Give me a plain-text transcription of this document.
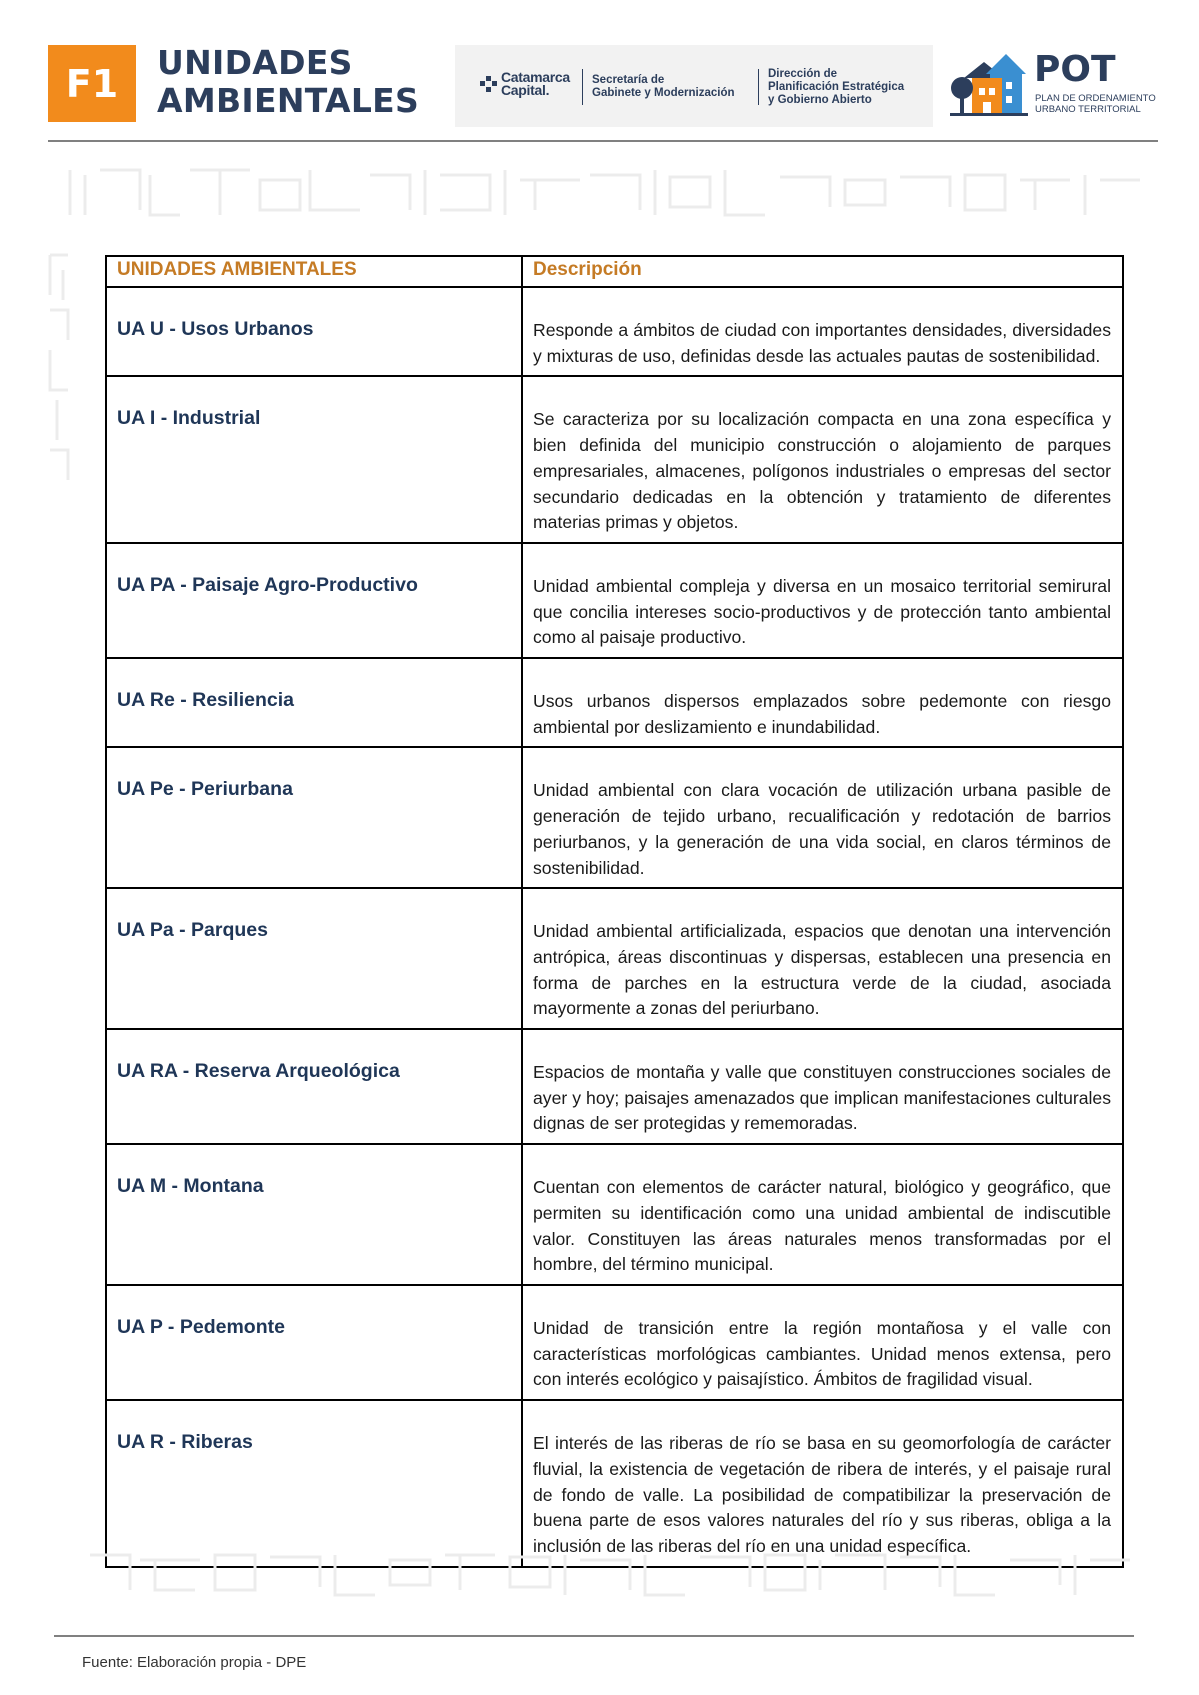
F1	UNIDADES
AMBIENTALES
Catamarca
Capital.
Secretaría de
Gabinete y Modernización
Dirección de
Planificación Estratégica
y Gobierno Abierto
POT
PLAN DE ORDENAMIENTO
URBANO TERRITORIAL
UNIDADES AMBIENTALES	Descripción
UA U - Usos Urbanos	Responde a ámbitos de ciudad con importantes densidades, diversidades y mixturas de uso, definidas desde las actuales pautas de sostenibilidad.
UA I - Industrial	Se caracteriza por su localización compacta en una zona específica y bien definida del municipio construcción o alojamiento de parques empresariales, almacenes, polígonos industriales o empresas del sector secundario dedicadas en la obtención y tratamiento de diferentes materias primas y objetos.
UA PA - Paisaje Agro-Productivo	Unidad ambiental compleja y diversa en un mosaico territorial semirural que concilia intereses socio-productivos y de protección tanto ambiental como al paisaje productivo.
UA Re - Resiliencia	Usos urbanos dispersos emplazados sobre pedemonte con riesgo ambiental por deslizamiento e inundabilidad.
UA Pe - Periurbana	Unidad ambiental con clara vocación de utilización urbana pasible de generación de tejido urbano, recualificación y redotación de barrios periurbanos, y la generación de una vida social, en claros términos de sostenibilidad.
UA Pa - Parques	Unidad ambiental artificializada, espacios que denotan una intervención antrópica, áreas discontinuas y dispersas, establecen una presencia en forma de parches en la estructura verde de la ciudad, asociada mayormente a zonas del periurbano.
UA RA - Reserva Arqueológica	Espacios de montaña y valle que constituyen construcciones sociales de ayer y hoy; paisajes amenazados que implican manifestaciones culturales dignas de ser protegidas y rememoradas.
UA M - Montana	Cuentan con elementos de carácter natural, biológico y geográfico, que permiten su identificación como una unidad ambiental de indiscutible valor. Constituyen las áreas naturales menos transformadas por el hombre, del término municipal.
UA P - Pedemonte	Unidad de transición entre la región montañosa y el valle con características morfológicas cambiantes. Unidad menos extensa, pero con interés ecológico y paisajístico. Ámbitos de fragilidad visual.
UA R - Riberas	El interés de las riberas de río se basa en su geomorfología de carácter fluvial, la existencia de vegetación de ribera de interés, y el paisaje rural de fondo de valle. La posibilidad de compatibilizar la preservación de buena parte de esos valores naturales del río y sus riberas, obliga a la inclusión de las riberas del río en una unidad específica.
Fuente: Elaboración propia - DPE
